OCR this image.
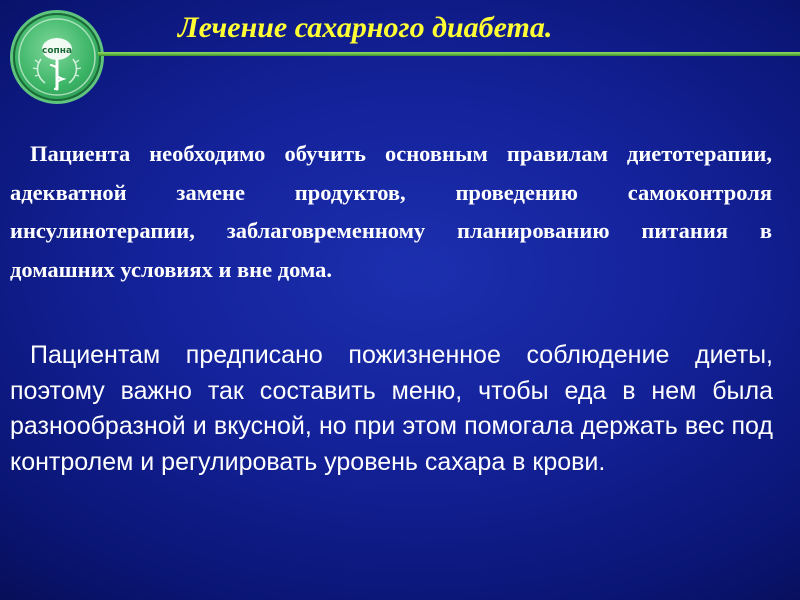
сопна
Лечение сахарного диабета.

Пациента необходимо обучить основным правилам диетотерапии, адекватной замене продуктов, проведению самоконтроля инсулинотерапии, заблаговременному планированию питания в домашних условиях и вне дома.

Пациентам предписано пожизненное соблюдение диеты, поэтому важно так составить меню, чтобы еда в нем была разнообразной и вкусной, но при этом помогала держать вес под контролем и регулировать уровень сахара в крови.
